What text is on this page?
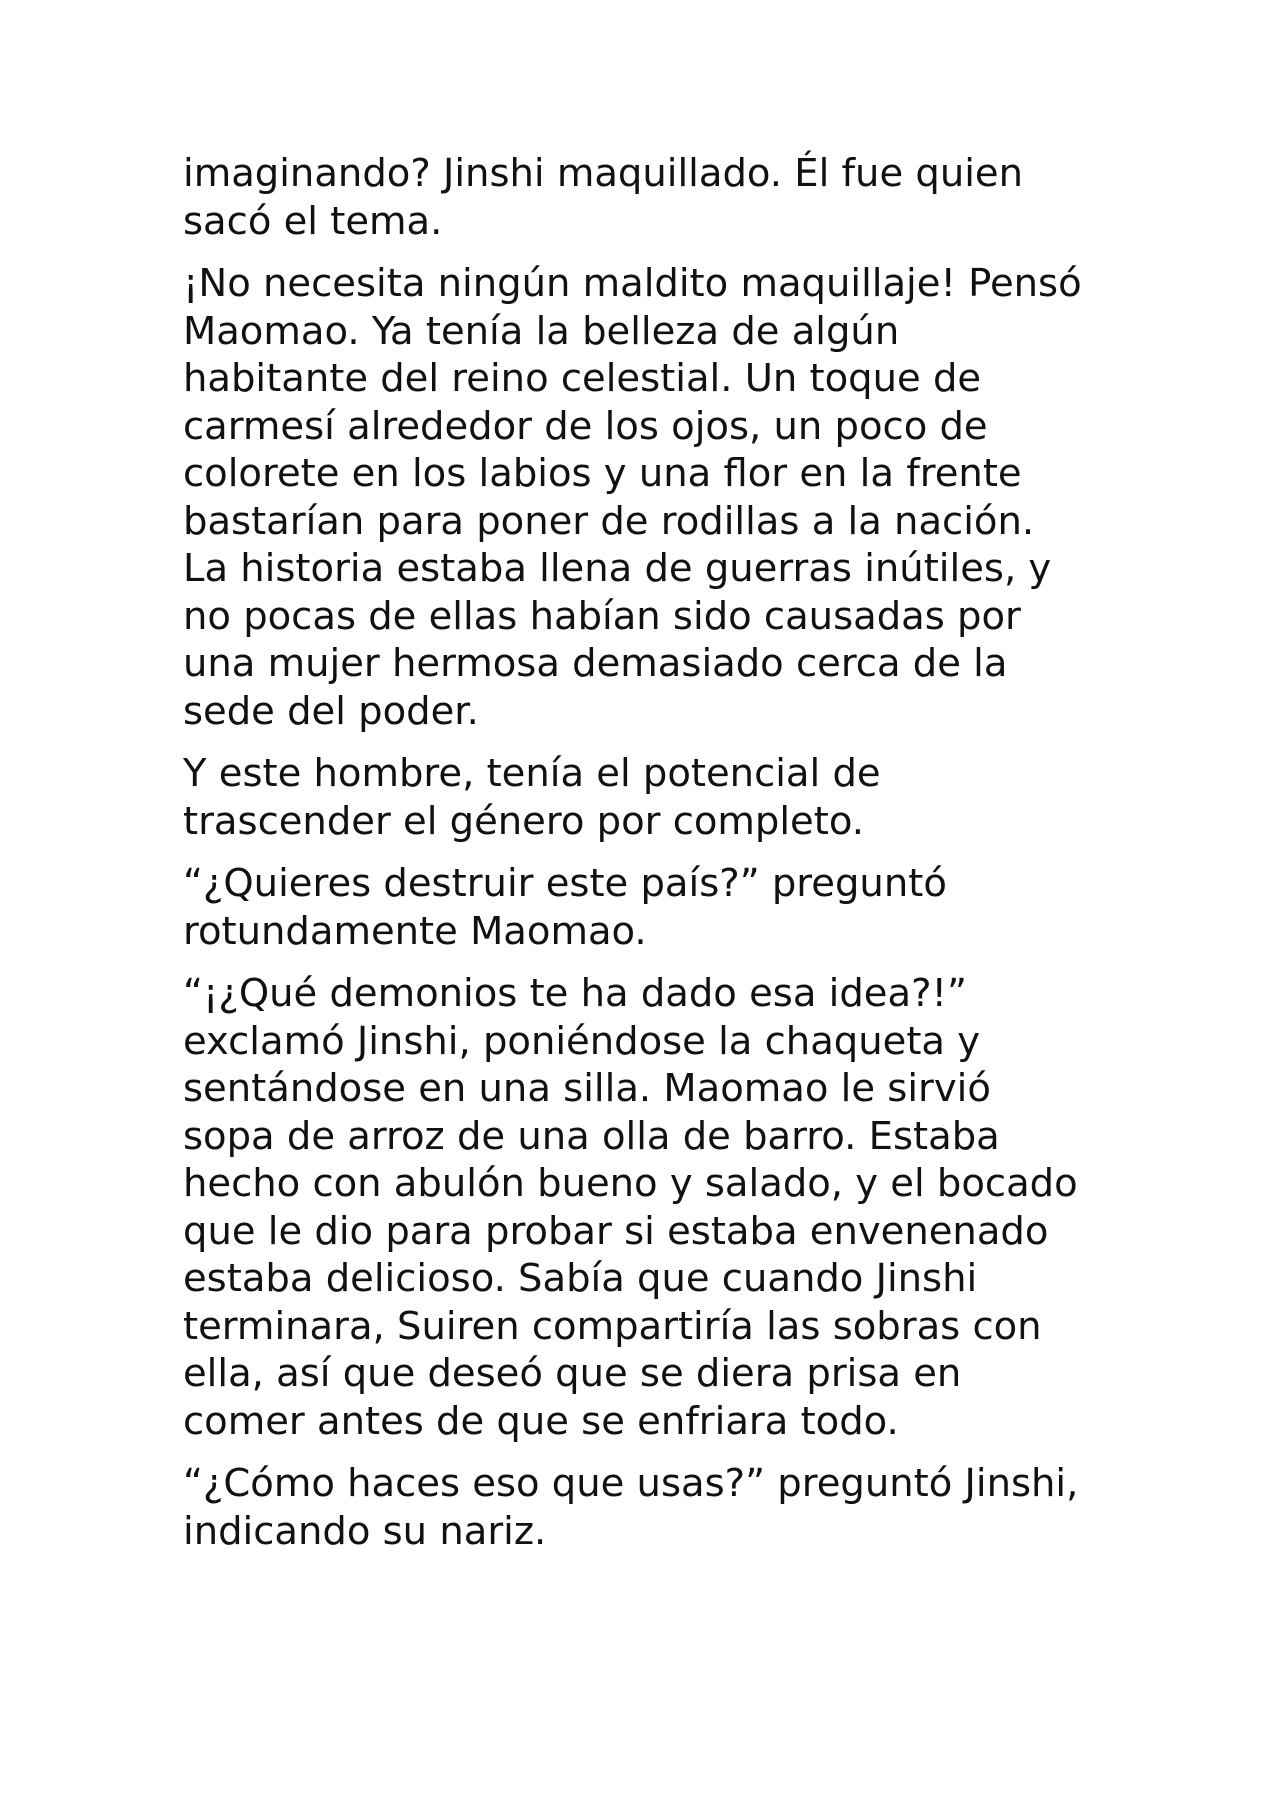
imaginando? Jinshi maquillado. Él fue quien
sacó el tema.

¡No necesita ningún maldito maquillaje! Pensó
Maomao. Ya tenía la belleza de algún
habitante del reino celestial. Un toque de
carmesí alrededor de los ojos, un poco de
colorete en los labios y una flor en la frente
bastarían para poner de rodillas a la nación.
La historia estaba llena de guerras inútiles, y
no pocas de ellas habían sido causadas por
una mujer hermosa demasiado cerca de la
sede del poder.

Y este hombre, tenía el potencial de
trascender el género por completo.

“¿Quieres destruir este país?” preguntó
rotundamente Maomao.

“¡¿Qué demonios te ha dado esa idea?!”
exclamó Jinshi, poniéndose la chaqueta y
sentándose en una silla. Maomao le sirvió
sopa de arroz de una olla de barro. Estaba
hecho con abulón bueno y salado, y el bocado
que le dio para probar si estaba envenenado
estaba delicioso. Sabía que cuando Jinshi
terminara, Suiren compartiría las sobras con
ella, así que deseó que se diera prisa en
comer antes de que se enfriara todo.

“¿Cómo haces eso que usas?” preguntó Jinshi,
indicando su nariz.
